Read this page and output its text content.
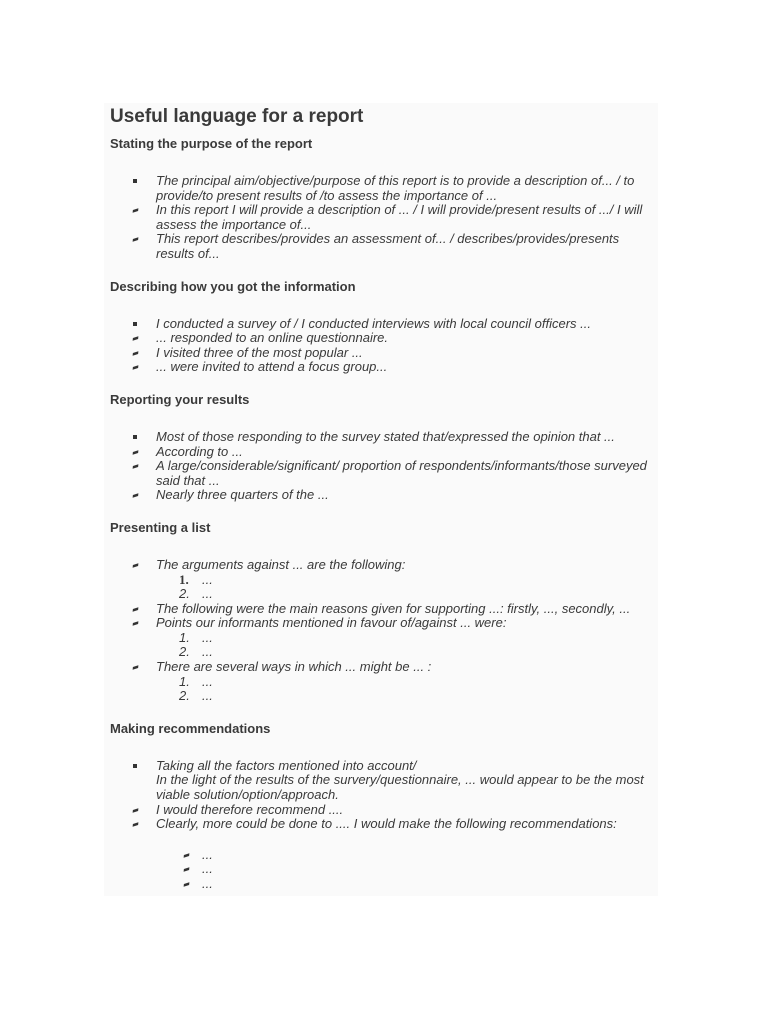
Useful language for a report
Stating the purpose of the report
The principal aim/objective/purpose of this report is to provide a description of... / to provide/to present results of /to assess the importance of ...
In this report I will provide a description of ... / I will provide/present results of .../ I will assess the importance of...
This report describes/provides an assessment of... / describes/provides/presents results of...
Describing how you got the information
I conducted a survey of / I conducted interviews with local council officers ...
... responded to an online questionnaire.
I visited three of the most popular ...
... were invited to attend a focus group...
Reporting your results
Most of those responding to the survey stated that/expressed the opinion that ...
According to ...
A large/considerable/significant/ proportion of respondents/informants/those surveyed said that ...
Nearly three quarters of the ...
Presenting a list
The arguments against ... are the following:
1. ...
2. ...
The following were the main reasons given for supporting ...: firstly, ..., secondly, ...
Points our informants mentioned in favour of/against ... were:
1. ...
2. ...
There are several ways in which ... might be ... :
1. ...
2. ...
Making recommendations
Taking all the factors mentioned into account/
In the light of the results of the survery/questionnaire, ... would appear to be the most viable solution/option/approach.
I would therefore recommend ....
Clearly, more could be done to .... I would make the following recommendations:
...
...
...
